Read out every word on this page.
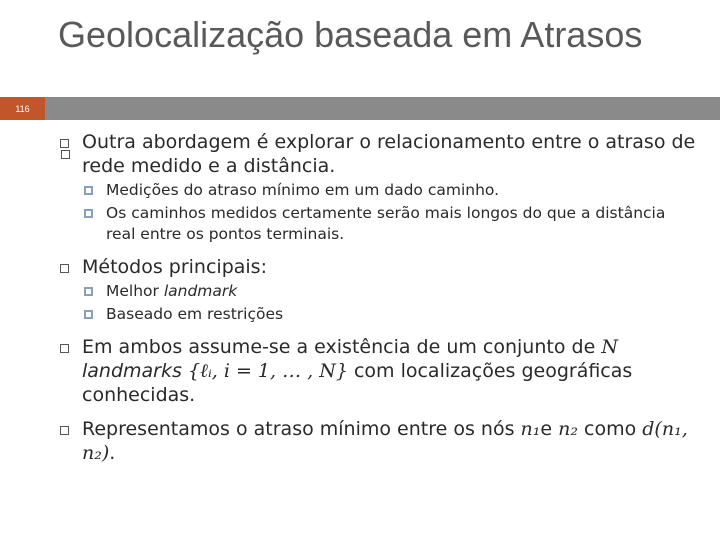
116
Geolocalização baseada em Atrasos
Outra abordagem é explorar o relacionamento entre o atraso de rede medido e a distância.
Medições do atraso mínimo em um dado caminho.
Os caminhos medidos certamente serão mais longos do que a distância real entre os pontos terminais.
Métodos principais:
Melhor landmark
Baseado em restrições
Em ambos assume-se a existência de um conjunto de N landmarks {ℓᵢ, i = 1, … , N} com localizações geográficas conhecidas.
Representamos o atraso mínimo entre os nós n₁e n₂ como d(n₁, n₂).
